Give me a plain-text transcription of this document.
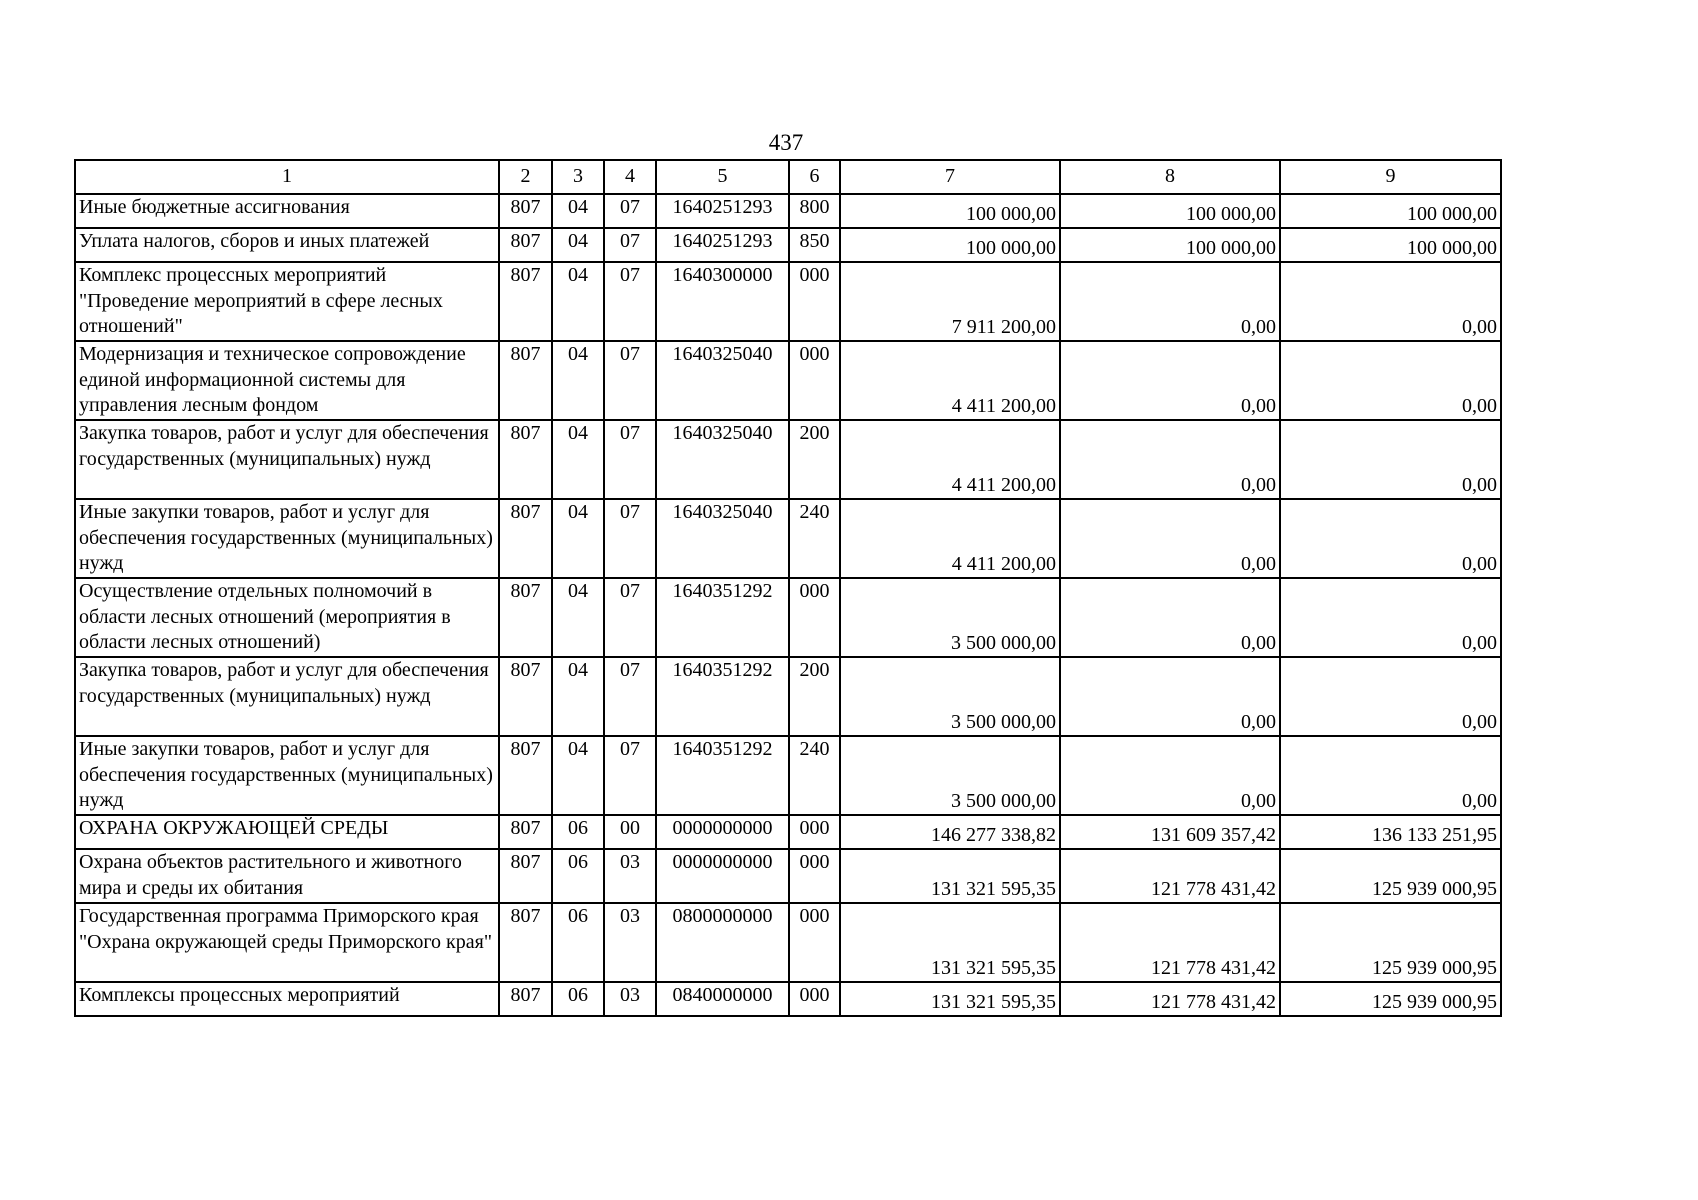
437
1	2	3	4	5	6	7	8	9
Иные бюджетные ассигнования	807	04	07	1640251293	800	100 000,00	100 000,00	100 000,00
Уплата налогов, сборов и иных платежей	807	04	07	1640251293	850	100 000,00	100 000,00	100 000,00
Комплекс процессных мероприятий "Проведение мероприятий в сфере лесных отношений"	807	04	07	1640300000	000	7 911 200,00	0,00	0,00
Модернизация и техническое сопровождение единой информационной системы для управления лесным фондом	807	04	07	1640325040	000	4 411 200,00	0,00	0,00
Закупка товаров, работ и услуг для обеспечения государственных (муниципальных) нужд	807	04	07	1640325040	200	4 411 200,00	0,00	0,00
Иные закупки товаров, работ и услуг для обеспечения государственных (муниципальных) нужд	807	04	07	1640325040	240	4 411 200,00	0,00	0,00
Осуществление отдельных полномочий в области лесных отношений (мероприятия в области лесных отношений)	807	04	07	1640351292	000	3 500 000,00	0,00	0,00
Закупка товаров, работ и услуг для обеспечения государственных (муниципальных) нужд	807	04	07	1640351292	200	3 500 000,00	0,00	0,00
Иные закупки товаров, работ и услуг для обеспечения государственных (муниципальных) нужд	807	04	07	1640351292	240	3 500 000,00	0,00	0,00
ОХРАНА ОКРУЖАЮЩЕЙ СРЕДЫ	807	06	00	0000000000	000	146 277 338,82	131 609 357,42	136 133 251,95
Охрана объектов растительного и животного мира и среды их обитания	807	06	03	0000000000	000	131 321 595,35	121 778 431,42	125 939 000,95
Государственная программа Приморского края "Охрана окружающей среды Приморского края"	807	06	03	0800000000	000	131 321 595,35	121 778 431,42	125 939 000,95
Комплексы процессных мероприятий	807	06	03	0840000000	000	131 321 595,35	121 778 431,42	125 939 000,95
